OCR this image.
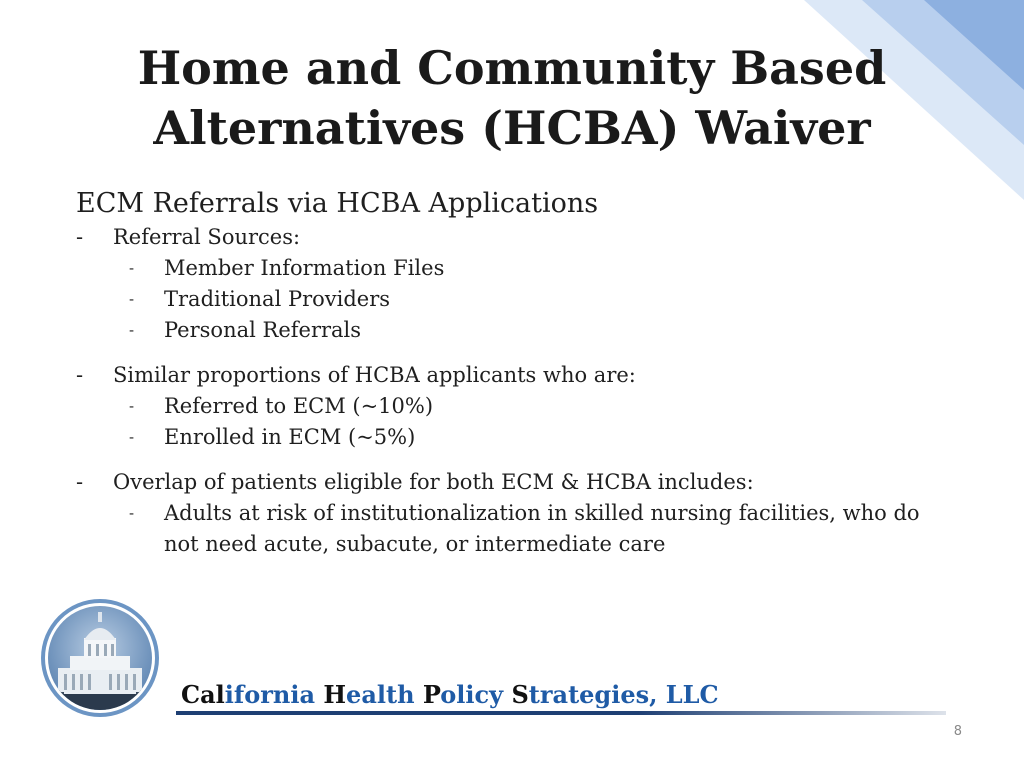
Home and Community Based
Alternatives (HCBA) Waiver
ECM Referrals via HCBA Applications
- Referral Sources:
- Member Information Files
- Traditional Providers
- Personal Referrals
- Similar proportions of HCBA applicants who are:
- Referred to ECM (~10%)
- Enrolled in ECM (~5%)
- Overlap of patients eligible for both ECM & HCBA includes:
- Adults at risk of institutionalization in skilled nursing facilities, who do not need acute, subacute, or intermediate care
California Health Policy Strategies, LLC
8
